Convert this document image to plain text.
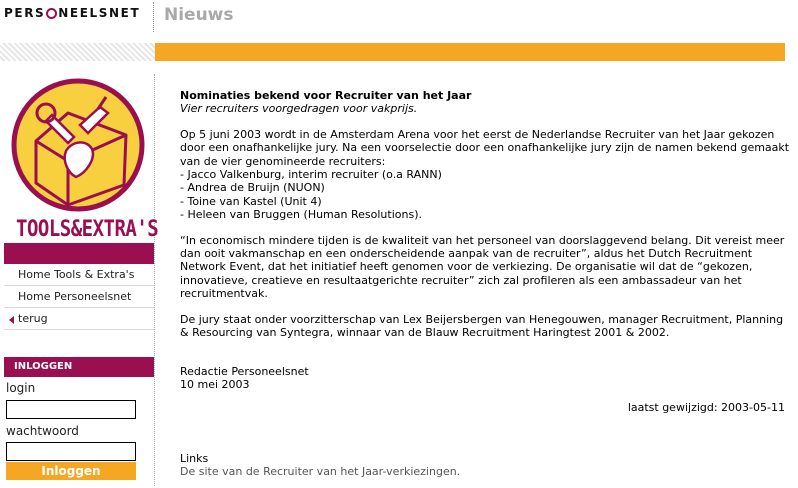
PERS NEELSNET Nieuws
TOOLS&EXTRA'S
Home Tools & Extra's
Home Personeelsnet
terug
INLOGGEN
login
wachtwoord
Inloggen
Nominaties bekend voor Recruiter van het Jaar
Vier recruiters voorgedragen voor vakprijs.
Op 5 juni 2003 wordt in de Amsterdam Arena voor het eerst de Nederlandse Recruiter van het Jaar gekozen door een onafhankelijke jury. Na een voorselectie door een onafhankelijke jury zijn de namen bekend gemaakt van de vier genomineerde recruiters:
- Jacco Valkenburg, interim recruiter (o.a RANN)
- Andrea de Bruijn (NUON)
- Toine van Kastel (Unit 4)
- Heleen van Bruggen (Human Resolutions).
“In economisch mindere tijden is de kwaliteit van het personeel van doorslaggevend belang. Dit vereist meer dan ooit vakmanschap en een onderscheidende aanpak van de recruiter”, aldus het Dutch Recruitment Network Event, dat het initiatief heeft genomen voor de verkiezing. De organisatie wil dat de “gekozen, innovatieve, creatieve en resultaatgerichte recruiter” zich zal profileren als een ambassadeur van het recruitmentvak.
De jury staat onder voorzitterschap van Lex Beijersbergen van Henegouwen, manager Recruitment, Planning & Resourcing van Syntegra, winnaar van de Blauw Recruitment Haringtest 2001 & 2002.
Redactie Personeelsnet
10 mei 2003
laatst gewijzigd: 2003-05-11
Links
De site van de Recruiter van het Jaar-verkiezingen.
